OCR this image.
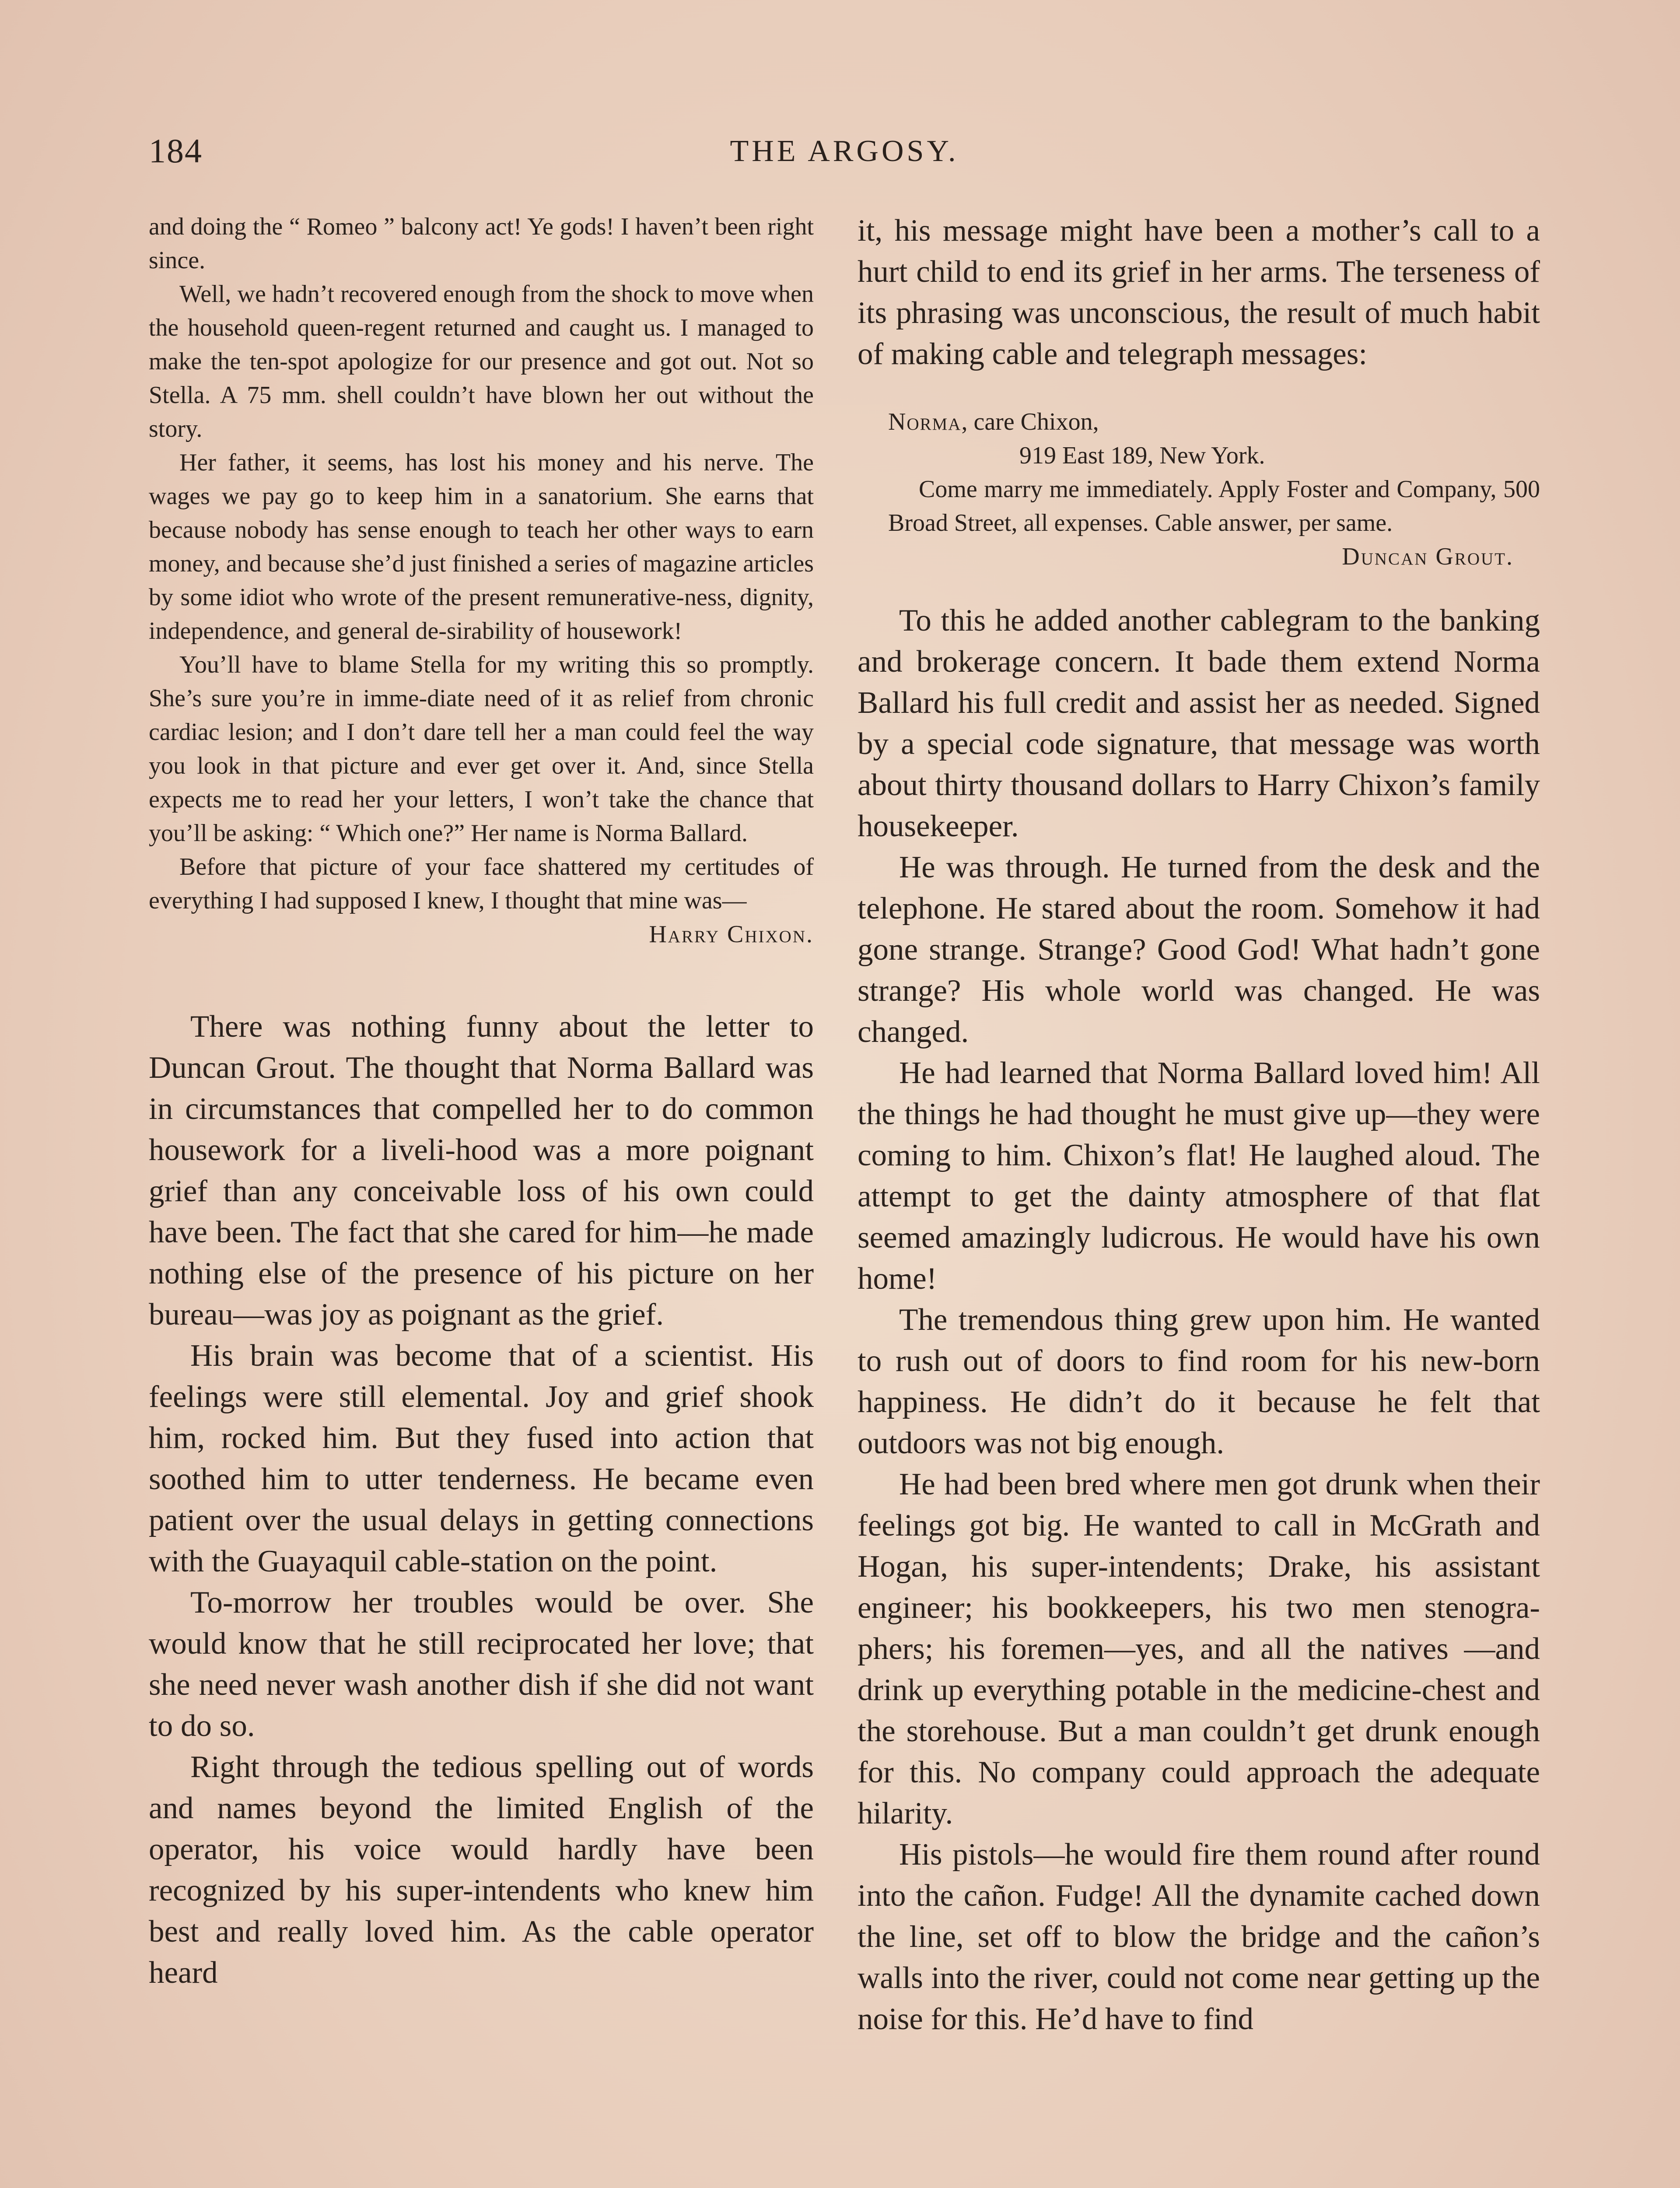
184	THE ARGOSY.

and doing the “ Romeo ” balcony act! Ye gods! I haven’t been right since.

Well, we hadn’t recovered enough from the shock to move when the household queen-regent returned and caught us. I managed to make the ten-spot apologize for our presence and got out. Not so Stella. A 75 mm. shell couldn’t have blown her out without the story.

Her father, it seems, has lost his money and his nerve. The wages we pay go to keep him in a sanatorium. She earns that because nobody has sense enough to teach her other ways to earn money, and because she’d just finished a series of magazine articles by some idiot who wrote of the present remunerative-ness, dignity, independence, and general de-sirability of housework!

You’ll have to blame Stella for my writing this so promptly. She’s sure you’re in imme-diate need of it as relief from chronic cardiac lesion; and I don’t dare tell her a man could feel the way you look in that picture and ever get over it. And, since Stella expects me to read her your letters, I won’t take the chance that you’ll be asking: “ Which one?” Her name is Norma Ballard.

Before that picture of your face shattered my certitudes of everything I had supposed I knew, I thought that mine was—

Harry Chixon.

There was nothing funny about the letter to Duncan Grout. The thought that Norma Ballard was in circumstances that compelled her to do common housework for a liveli-hood was a more poignant grief than any conceivable loss of his own could have been. The fact that she cared for him—he made nothing else of the presence of his picture on her bureau—was joy as poignant as the grief.

His brain was become that of a scientist. His feelings were still elemental. Joy and grief shook him, rocked him. But they fused into action that soothed him to utter tenderness. He became even patient over the usual delays in getting connections with the Guayaquil cable-station on the point.

To-morrow her troubles would be over. She would know that he still reciprocated her love; that she need never wash another dish if she did not want to do so.

Right through the tedious spelling out of words and names beyond the limited English of the operator, his voice would hardly have been recognized by his super-intendents who knew him best and really loved him. As the cable operator heard

it, his message might have been a mother’s call to a hurt child to end its grief in her arms. The terseness of its phrasing was unconscious, the result of much habit of making cable and telegraph messages:

Norma, care Chixon,

919 East 189, New York.

Come marry me immediately. Apply Foster and Company, 500 Broad Street, all expenses. Cable answer, per same.

Duncan Grout.

To this he added another cablegram to the banking and brokerage concern. It bade them extend Norma Ballard his full credit and assist her as needed. Signed by a special code signature, that message was worth about thirty thousand dollars to Harry Chixon’s family housekeeper.

He was through. He turned from the desk and the telephone. He stared about the room. Somehow it had gone strange. Strange? Good God! What hadn’t gone strange? His whole world was changed. He was changed.

He had learned that Norma Ballard loved him! All the things he had thought he must give up—they were coming to him. Chixon’s flat! He laughed aloud. The attempt to get the dainty atmosphere of that flat seemed amazingly ludicrous. He would have his own home!

The tremendous thing grew upon him. He wanted to rush out of doors to find room for his new-born happiness. He didn’t do it because he felt that outdoors was not big enough.

He had been bred where men got drunk when their feelings got big. He wanted to call in McGrath and Hogan, his super-intendents; Drake, his assistant engineer; his bookkeepers, his two men stenogra-phers; his foremen—yes, and all the natives —and drink up everything potable in the medicine-chest and the storehouse. But a man couldn’t get drunk enough for this. No company could approach the adequate hilarity.

His pistols—he would fire them round after round into the cañon. Fudge! All the dynamite cached down the line, set off to blow the bridge and the cañon’s walls into the river, could not come near getting up the noise for this. He’d have to find
